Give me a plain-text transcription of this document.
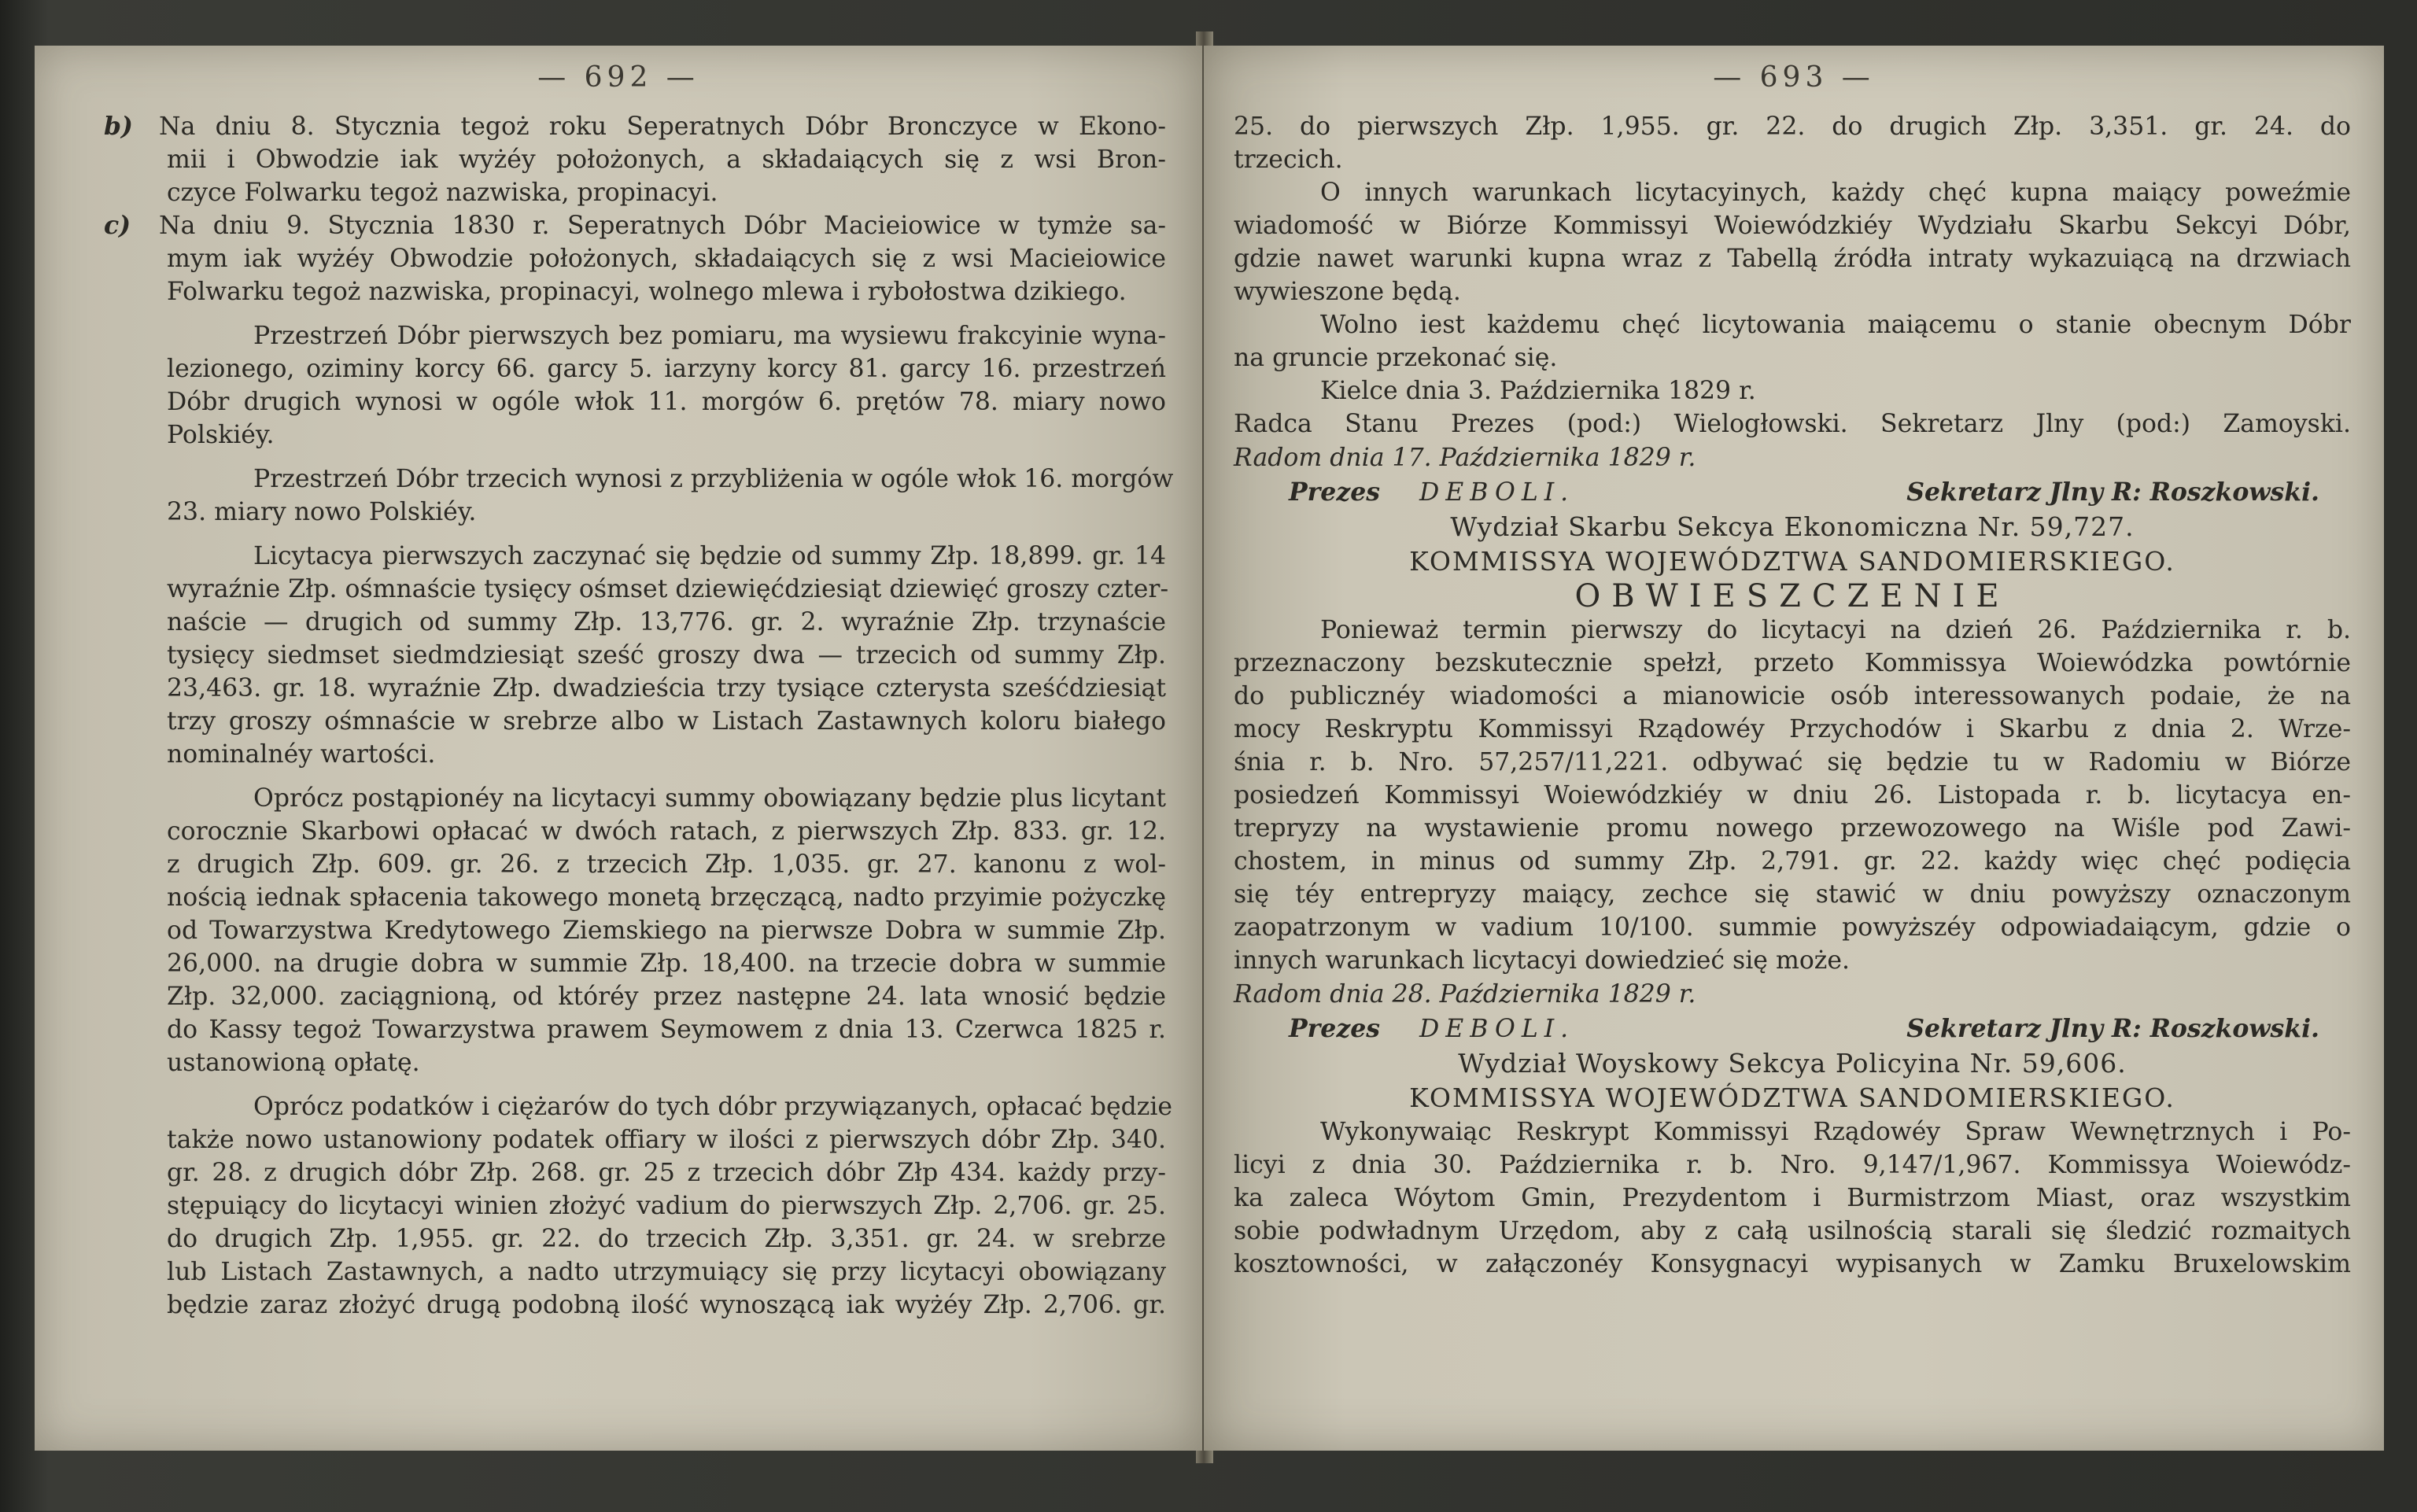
— 692 —
b) Na dniu 8. Stycznia tegoż roku Seperatnych Dóbr Bronczyce w Ekono-
mii i Obwodzie iak wyżéy położonych, a składaiących się z wsi Bron-
czyce Folwarku tegoż nazwiska, propinacyi.
c) Na dniu 9. Stycznia 1830 r. Seperatnych Dóbr Macieiowice w tymże sa-
mym iak wyżéy Obwodzie położonych, składaiących się z wsi Macieiowice
Folwarku tegoż nazwiska, propinacyi, wolnego mlewa i rybołostwa dzikiego.
Przestrzeń Dóbr pierwszych bez pomiaru, ma wysiewu frakcyinie wyna-
lezionego, oziminy korcy 66. garcy 5. iarzyny korcy 81. garcy 16. przestrzeń
Dóbr drugich wynosi w ogóle włok 11. morgów 6. prętów 78. miary nowo
Polskiéy.
Przestrzeń Dóbr trzecich wynosi z przybliżenia w ogóle włok 16. morgów
23. miary nowo Polskiéy.
Licytacya pierwszych zaczynać się będzie od summy Złp. 18,899. gr. 14
wyraźnie Złp. ośmnaście tysięcy ośmset dziewięćdziesiąt dziewięć groszy czter-
naście — drugich od summy Złp. 13,776. gr. 2. wyraźnie Złp. trzynaście
tysięcy siedmset siedmdziesiąt sześć groszy dwa — trzecich od summy Złp.
23,463. gr. 18. wyraźnie Złp. dwadzieścia trzy tysiące czterysta sześćdziesiąt
trzy groszy ośmnaście w srebrze albo w Listach Zastawnych koloru białego
nominalnéy wartości.
Oprócz postąpionéy na licytacyi summy obowiązany będzie plus licytant
corocznie Skarbowi opłacać w dwóch ratach, z pierwszych Złp. 833. gr. 12.
z drugich Złp. 609. gr. 26. z trzecich Złp. 1,035. gr. 27. kanonu z wol-
nością iednak spłacenia takowego monetą brzęczącą, nadto przyimie pożyczkę
od Towarzystwa Kredytowego Ziemskiego na pierwsze Dobra w summie Złp.
26,000. na drugie dobra w summie Złp. 18,400. na trzecie dobra w summie
Złp. 32,000. zaciągnioną, od któréy przez następne 24. lata wnosić będzie
do Kassy tegoż Towarzystwa prawem Seymowem z dnia 13. Czerwca 1825 r.
ustanowioną opłatę.
Oprócz podatków i ciężarów do tych dóbr przywiązanych, opłacać będzie
także nowo ustanowiony podatek offiary w ilości z pierwszych dóbr Złp. 340.
gr. 28. z drugich dóbr Złp. 268. gr. 25 z trzecich dóbr Złp 434. każdy przy-
stępuiący do licytacyi winien złożyć vadium do pierwszych Złp. 2,706. gr. 25.
do drugich Złp. 1,955. gr. 22. do trzecich Złp. 3,351. gr. 24. w srebrze
lub Listach Zastawnych, a nadto utrzymuiący się przy licytacyi obowiązany
będzie zaraz złożyć drugą podobną ilość wynoszącą iak wyżéy Złp. 2,706. gr.
— 693 —
25. do pierwszych Złp. 1,955. gr. 22. do drugich Złp. 3,351. gr. 24. do
trzecich.
O innych warunkach licytacyinych, każdy chęć kupna maiący poweźmie
wiadomość w Biórze Kommissyi Woiewódzkiéy Wydziału Skarbu Sekcyi Dóbr,
gdzie nawet warunki kupna wraz z Tabellą źródła intraty wykazuiącą na drzwiach
wywieszone będą.
Wolno iest każdemu chęć licytowania maiącemu o stanie obecnym Dóbr
na gruncie przekonać się.
Kielce dnia 3. Października 1829 r.
Radca Stanu Prezes (pod:) Wielogłowski. Sekretarz Jlny (pod:) Zamoyski.
Radom dnia 17. Października 1829 r.
Prezes DEBOLI.	Sekretarz Jlny R: Roszkowski.
Wydział Skarbu Sekcya Ekonomiczna Nr. 59,727.
KOMMISSYA WOJEWÓDZTWA SANDOMIERSKIEGO.
OBWIESZCZENIE
Ponieważ termin pierwszy do licytacyi na dzień 26. Października r. b.
przeznaczony bezskutecznie spełzł, przeto Kommissya Woiewódzka powtórnie
do publicznéy wiadomości a mianowicie osób interessowanych podaie, że na
mocy Reskryptu Kommissyi Rządowéy Przychodów i Skarbu z dnia 2. Wrze-
śnia r. b. Nro. 57,257/11,221. odbywać się będzie tu w Radomiu w Biórze
posiedzeń Kommissyi Woiewódzkiéy w dniu 26. Listopada r. b. licytacya en-
trepryzy na wystawienie promu nowego przewozowego na Wiśle pod Zawi-
chostem, in minus od summy Złp. 2,791. gr. 22. każdy więc chęć podięcia
się téy entrepryzy maiący, zechce się stawić w dniu powyższy oznaczonym
zaopatrzonym w vadium 10/100. summie powyższéy odpowiadaiącym, gdzie o
innych warunkach licytacyi dowiedzieć się może.
Radom dnia 28. Października 1829 r.
Prezes DEBOLI.	Sekretarz Jlny R: Roszkowski.
Wydział Woyskowy Sekcya Policyina Nr. 59,606.
KOMMISSYA WOJEWÓDZTWA SANDOMIERSKIEGO.
Wykonywaiąc Reskrypt Kommissyi Rządowéy Spraw Wewnętrznych i Po-
licyi z dnia 30. Października r. b. Nro. 9,147/1,967. Kommissya Woiewódz-
ka zaleca Wóytom Gmin, Prezydentom i Burmistrzom Miast, oraz wszystkim
sobie podwładnym Urzędom, aby z całą usilnością starali się śledzić rozmaitych
kosztowności, w załączonéy Konsygnacyi wypisanych w Zamku Bruxelowskim
